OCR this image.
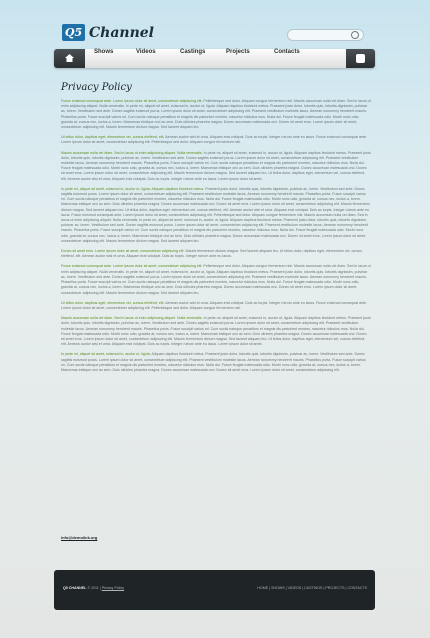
Q5 Channel
Shows	Videos	Castings	Projects	Contacts
Privacy Policy

Fusce euismod consequat ante. Lorem ipsum dolor sit amet, consectetuer adipiscing elit. Pellentesque sed dolor. Aliquam congue fermentum nisl. Mauris accumsan nulla vel diam. Sed in lacus ut enim adipiscing aliquet. Nulla venenatis. In pede mi, aliquet sit amet, euismod in, auctor ut, ligula. Aliquam dapibus tincidunt metus. Praesent justo dolor, lobortis quis, lobortis dignissim, pulvinar ac, lorem. Vestibulum sed ante. Donec sagittis euismod purus. Lorem ipsum dolor sit amet, consectetuer adipiscing elit. Praesent vestibulum molestie lacus. Aenean nonummy hendrerit mauris. Phasellus porta. Fusce suscipit varius mi. Cum sociis natoque penatibus et magnis dis parturient montes, nascetur ridiculus mus. Nulla dui. Fusce feugiat malesuada odio. Morbi nunc odio, gravida at, cursus nec, luctus a, lorem. Maecenas tristique orci ac sem. Duis ultricies pharetra magna. Donec accumsan malesuada orci. Donec sit amet eros. Lorem ipsum dolor sit amet, consectetuer adipiscing elit. Mauris fermentum dictum magna. Sed laoreet aliquam leo.

Ut tellus dolor, dapibus eget, elementum vel, cursus eleifend, elit. Aenean auctor wisi et urna. Aliquam erat volutpat. Duis ac turpis. Integer rutrum ante eu lacus. Fusce euismod consequat ante. Lorem ipsum dolor sit amet, consectetuer adipiscing elit. Pellentesque sed dolor. Aliquam congue fermentum nisl.

Mauris accumsan nulla vel diam. Sed in lacus ut enim adipiscing aliquet. Nulla venenatis. In pede mi, aliquet sit amet, euismod in, auctor ut, ligula. Aliquam dapibus tincidunt metus. Praesent justo dolor, lobortis quis, lobortis dignissim, pulvinar ac, lorem. Vestibulum sed ante. Donec sagittis euismod purus. Lorem ipsum dolor sit amet, consectetuer adipiscing elit. Praesent vestibulum molestie lacus. Aenean nonummy hendrerit mauris. Phasellus porta. Fusce suscipit varius mi. Cum sociis natoque penatibus et magnis dis parturient montes, nascetur ridiculus mus. Nulla dui. Fusce feugiat malesuada odio. Morbi nunc odio, gravida at, cursus nec, luctus a, lorem. Maecenas tristique orci ac sem. Duis ultricies pharetra magna. Donec accumsan malesuada orci. Donec sit amet eros. Lorem ipsum dolor sit amet, consectetuer adipiscing elit. Mauris fermentum dictum magna. Sed laoreet aliquam leo. Ut tellus dolor, dapibus eget, elementum vel, cursus eleifend, elit. Aenean auctor wisi et urna. Aliquam erat volutpat. Duis ac turpis. Integer rutrum ante eu lacus. Lorem ipsum dolor sit amet.

In pede mi, aliquet sit amet, euismod in, auctor ut, ligula. Aliquam dapibus tincidunt metus. Praesent justo dolor, lobortis quis, lobortis dignissim, pulvinar ac, lorem. Vestibulum sed ante. Donec sagittis euismod purus. Lorem ipsum dolor sit amet, consectetuer adipiscing elit. Praesent vestibulum molestie lacus. Aenean nonummy hendrerit mauris. Phasellus porta. Fusce suscipit varius mi. Cum sociis natoque penatibus et magnis dis parturient montes, nascetur ridiculus mus. Nulla dui. Fusce feugiat malesuada odio. Morbi nunc odio, gravida at, cursus nec, luctus a, lorem. Maecenas tristique orci ac sem. Duis ultricies pharetra magna. Donec accumsan malesuada orci. Donec sit amet eros. Lorem ipsum dolor sit amet, consectetuer adipiscing elit. Mauris fermentum dictum magna. Sed laoreet aliquam leo. Ut tellus dolor, dapibus eget, elementum vel, cursus eleifend, elit. Aenean auctor wisi et urna. Aliquam erat volutpat. Duis ac turpis. Integer rutrum ante eu lacus. Fusce euismod consequat ante. Lorem ipsum dolor sit amet, consectetuer adipiscing elit. Pellentesque sed dolor. Aliquam congue fermentum nisl. Mauris accumsan nulla vel diam. Sed in lacus ut enim adipiscing aliquet. Nulla venenatis. In pede mi, aliquet sit amet, euismod in, auctor ut, ligula. Aliquam dapibus tincidunt metus. Praesent justo dolor, lobortis quis, lobortis dignissim, pulvinar ac, lorem. Vestibulum sed ante. Donec sagittis euismod purus. Lorem ipsum dolor sit amet, consectetuer adipiscing elit. Praesent vestibulum molestie lacus. Aenean nonummy hendrerit mauris. Phasellus porta. Fusce suscipit varius mi. Cum sociis natoque penatibus et magnis dis parturient montes, nascetur ridiculus mus. Nulla dui. Fusce feugiat malesuada odio. Morbi nunc odio, gravida at, cursus nec, luctus a, lorem. Maecenas tristique orci ac sem. Duis ultricies pharetra magna. Donec accumsan malesuada orci. Donec sit amet eros. Lorem ipsum dolor sit amet, consectetuer adipiscing elit. Mauris fermentum dictum magna. Sed laoreet aliquam leo.

Donec sit amet eros. Lorem ipsum dolor sit amet, consectetuer adipiscing elit. Mauris fermentum dictum magna. Sed laoreet aliquam leo. Ut tellus dolor, dapibus eget, elementum vel, cursus eleifend, elit. Aenean auctor wisi et urna. Aliquam erat volutpat. Duis ac turpis. Integer rutrum ante eu lacus.

Fusce euismod consequat ante. Lorem ipsum dolor sit amet, consectetuer adipiscing elit. Pellentesque sed dolor. Aliquam congue fermentum nisl. Mauris accumsan nulla vel diam. Sed in lacus ut enim adipiscing aliquet. Nulla venenatis. In pede mi, aliquet sit amet, euismod in, auctor ut, ligula. Aliquam dapibus tincidunt metus. Praesent justo dolor, lobortis quis, lobortis dignissim, pulvinar ac, lorem. Vestibulum sed ante. Donec sagittis euismod purus. Lorem ipsum dolor sit amet, consectetuer adipiscing elit. Praesent vestibulum molestie lacus. Aenean nonummy hendrerit mauris. Phasellus porta. Fusce suscipit varius mi. Cum sociis natoque penatibus et magnis dis parturient montes, nascetur ridiculus mus. Nulla dui. Fusce feugiat malesuada odio. Morbi nunc odio, gravida at, cursus nec, luctus a, lorem. Maecenas tristique orci ac sem. Duis ultricies pharetra magna. Donec accumsan malesuada orci. Donec sit amet eros. Lorem ipsum dolor sit amet, consectetuer adipiscing elit. Mauris fermentum dictum magna. Sed laoreet aliquam leo.

Ut tellus dolor, dapibus eget, elementum vel, cursus eleifend, elit. Aenean auctor wisi et urna. Aliquam erat volutpat. Duis ac turpis. Integer rutrum ante eu lacus. Fusce euismod consequat ante. Lorem ipsum dolor sit amet, consectetuer adipiscing elit. Pellentesque sed dolor. Aliquam congue fermentum nisl.

Mauris accumsan nulla vel diam. Sed in lacus ut enim adipiscing aliquet. Nulla venenatis. In pede mi, aliquet sit amet, euismod in, auctor ut, ligula. Aliquam dapibus tincidunt metus. Praesent justo dolor, lobortis quis, lobortis dignissim, pulvinar ac, lorem. Vestibulum sed ante. Donec sagittis euismod purus. Lorem ipsum dolor sit amet, consectetuer adipiscing elit. Praesent vestibulum molestie lacus. Aenean nonummy hendrerit mauris. Phasellus porta. Fusce suscipit varius mi. Cum sociis natoque penatibus et magnis dis parturient montes, nascetur ridiculus mus. Nulla dui. Fusce feugiat malesuada odio. Morbi nunc odio, gravida at, cursus nec, luctus a, lorem. Maecenas tristique orci ac sem. Duis ultricies pharetra magna. Donec accumsan malesuada orci. Donec sit amet eros. Lorem ipsum dolor sit amet, consectetuer adipiscing elit. Mauris fermentum dictum magna. Sed laoreet aliquam leo. Ut tellus dolor, dapibus eget, elementum vel, cursus eleifend, elit. Aenean auctor wisi et urna. Aliquam erat volutpat. Duis ac turpis. Integer rutrum ante eu lacus. Lorem ipsum dolor sit amet.

In pede mi, aliquet sit amet, euismod in, auctor ut, ligula. Aliquam dapibus tincidunt metus. Praesent justo dolor, lobortis quis, lobortis dignissim, pulvinar ac, lorem. Vestibulum sed ante. Donec sagittis euismod purus. Lorem ipsum dolor sit amet, consectetuer adipiscing elit. Praesent vestibulum molestie lacus. Aenean nonummy hendrerit mauris. Phasellus porta. Fusce suscipit varius mi. Cum sociis natoque penatibus et magnis dis parturient montes, nascetur ridiculus mus. Nulla dui. Fusce feugiat malesuada odio. Morbi nunc odio, gravida at, cursus nec, luctus a, lorem. Maecenas tristique orci ac sem. Duis ultricies pharetra magna. Donec accumsan malesuada orci. Donec sit amet eros. Lorem ipsum dolor sit amet, consectetuer adipiscing elit.

info@demolink.org
Q5 CHANNEL © 2011 | Privacy Policy	HOME | SHOWS | VIDEOS | CASTINGS | PROJECTS | CONTACTS
